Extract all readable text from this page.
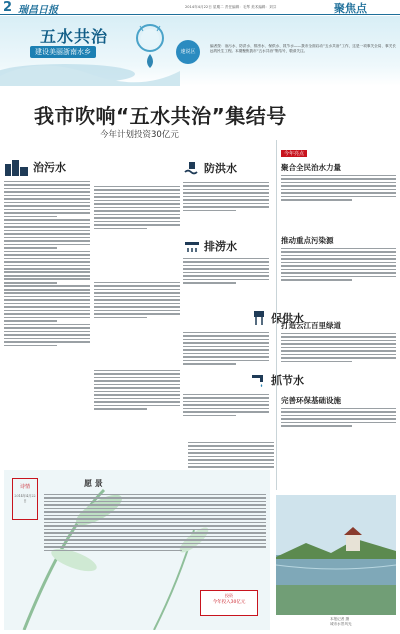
2 瑞昌日报	2014年4月22日 星期二 责任编辑：毛琴 美术编辑：刘芬	聚焦点
五水共治
建设美丽浙南水乡	速说区
编者按：治污水、防洪水、排涝水、保供水、抓节水——我市全面启动“五水共治”工作，这是一项事关全局、事关长远的民生工程。本期聚焦我市“五水共治”集结号，敬请关注。
我市吹响“五水共治”集结号
今年计划投资30亿元
治污水	防洪水
排涝水
保供水
抓节水
今年亮点
聚合全民治水力量
推动重点污染源
打造云江百里绿道
完善环保基础设施
诗情
2014年4月22日
愿 景
投资
今年投入30亿元
本报记者 摄
城市水景风光
